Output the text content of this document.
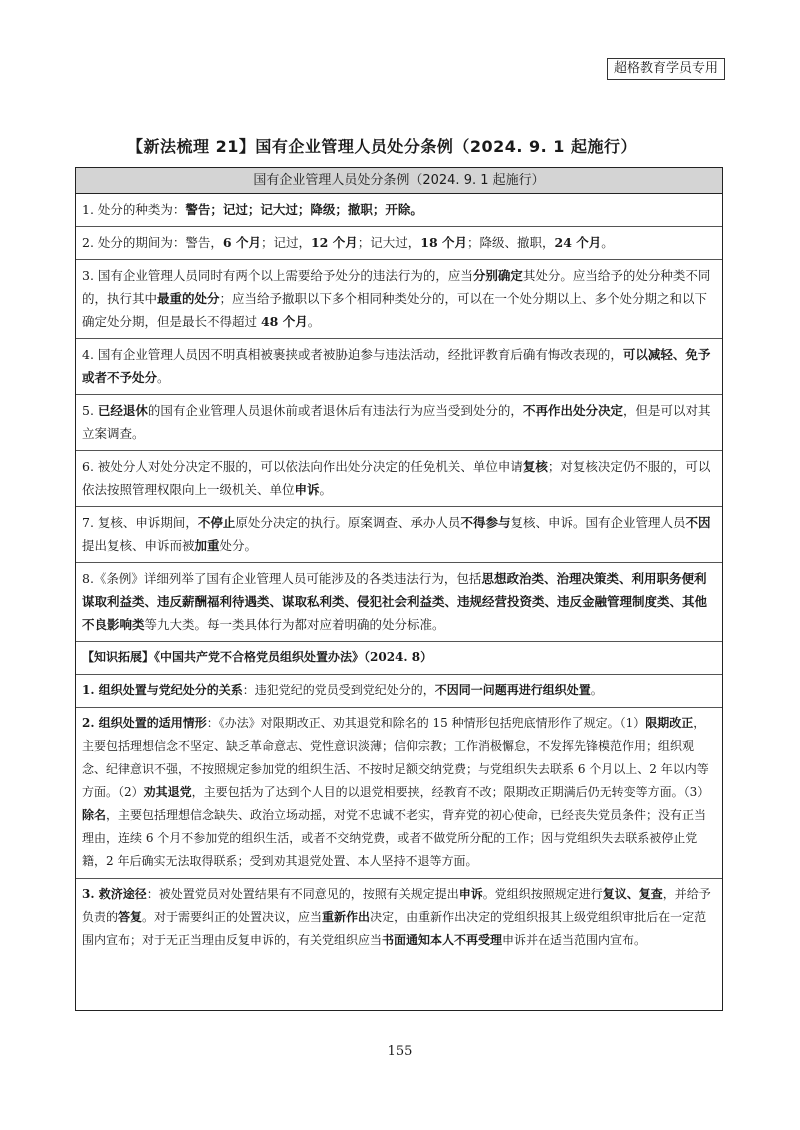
超格教育学员专用
【新法梳理 21】国有企业管理人员处分条例（2024. 9. 1 起施行）
国有企业管理人员处分条例（2024. 9. 1 起施行）
1. 处分的种类为：警告；记过；记大过；降级；撤职；开除。
2. 处分的期间为：警告，6 个月；记过，12 个月；记大过，18 个月；降级、撤职，24 个月。
3. 国有企业管理人员同时有两个以上需要给予处分的违法行为的，应当分别确定其处分。应当给予的处分种类不同的，执行其中最重的处分；应当给予撤职以下多个相同种类处分的，可以在一个处分期以上、多个处分期之和以下确定处分期，但是最长不得超过 48 个月。
4. 国有企业管理人员因不明真相被裹挟或者被胁迫参与违法活动，经批评教育后确有悔改表现的，可以减轻、免予或者不予处分。
5. 已经退休的国有企业管理人员退休前或者退休后有违法行为应当受到处分的，不再作出处分决定，但是可以对其立案调查。
6. 被处分人对处分决定不服的，可以依法向作出处分决定的任免机关、单位申请复核；对复核决定仍不服的，可以依法按照管理权限向上一级机关、单位申诉。
7. 复核、申诉期间，不停止原处分决定的执行。原案调查、承办人员不得参与复核、申诉。国有企业管理人员不因提出复核、申诉而被加重处分。
8.《条例》详细列举了国有企业管理人员可能涉及的各类违法行为，包括思想政治类、治理决策类、利用职务便利谋取利益类、违反薪酬福利待遇类、谋取私利类、侵犯社会利益类、违规经营投资类、违反金融管理制度类、其他不良影响类等九大类。每一类具体行为都对应着明确的处分标准。
【知识拓展】《中国共产党不合格党员组织处置办法》（2024. 8）
1. 组织处置与党纪处分的关系：违犯党纪的党员受到党纪处分的，不因同一问题再进行组织处置。
2. 组织处置的适用情形：《办法》对限期改正、劝其退党和除名的 15 种情形包括兜底情形作了规定。（1）限期改正，主要包括理想信念不坚定、缺乏革命意志、党性意识淡薄；信仰宗教；工作消极懈怠，不发挥先锋模范作用；组织观念、纪律意识不强，不按照规定参加党的组织生活、不按时足额交纳党费；与党组织失去联系 6 个月以上、2 年以内等方面。（2）劝其退党，主要包括为了达到个人目的以退党相要挟，经教育不改；限期改正期满后仍无转变等方面。（3）除名，主要包括理想信念缺失、政治立场动摇，对党不忠诚不老实，背弃党的初心使命，已经丧失党员条件；没有正当理由，连续 6 个月不参加党的组织生活，或者不交纳党费，或者不做党所分配的工作；因与党组织失去联系被停止党籍，2 年后确实无法取得联系；受到劝其退党处置、本人坚持不退等方面。
3. 救济途径：被处置党员对处置结果有不同意见的，按照有关规定提出申诉。党组织按照规定进行复议、复查，并给予负责的答复。对于需要纠正的处置决议，应当重新作出决定，由重新作出决定的党组织报其上级党组织审批后在一定范围内宣布；对于无正当理由反复申诉的，有关党组织应当书面通知本人不再受理申诉并在适当范围内宣布。
155
